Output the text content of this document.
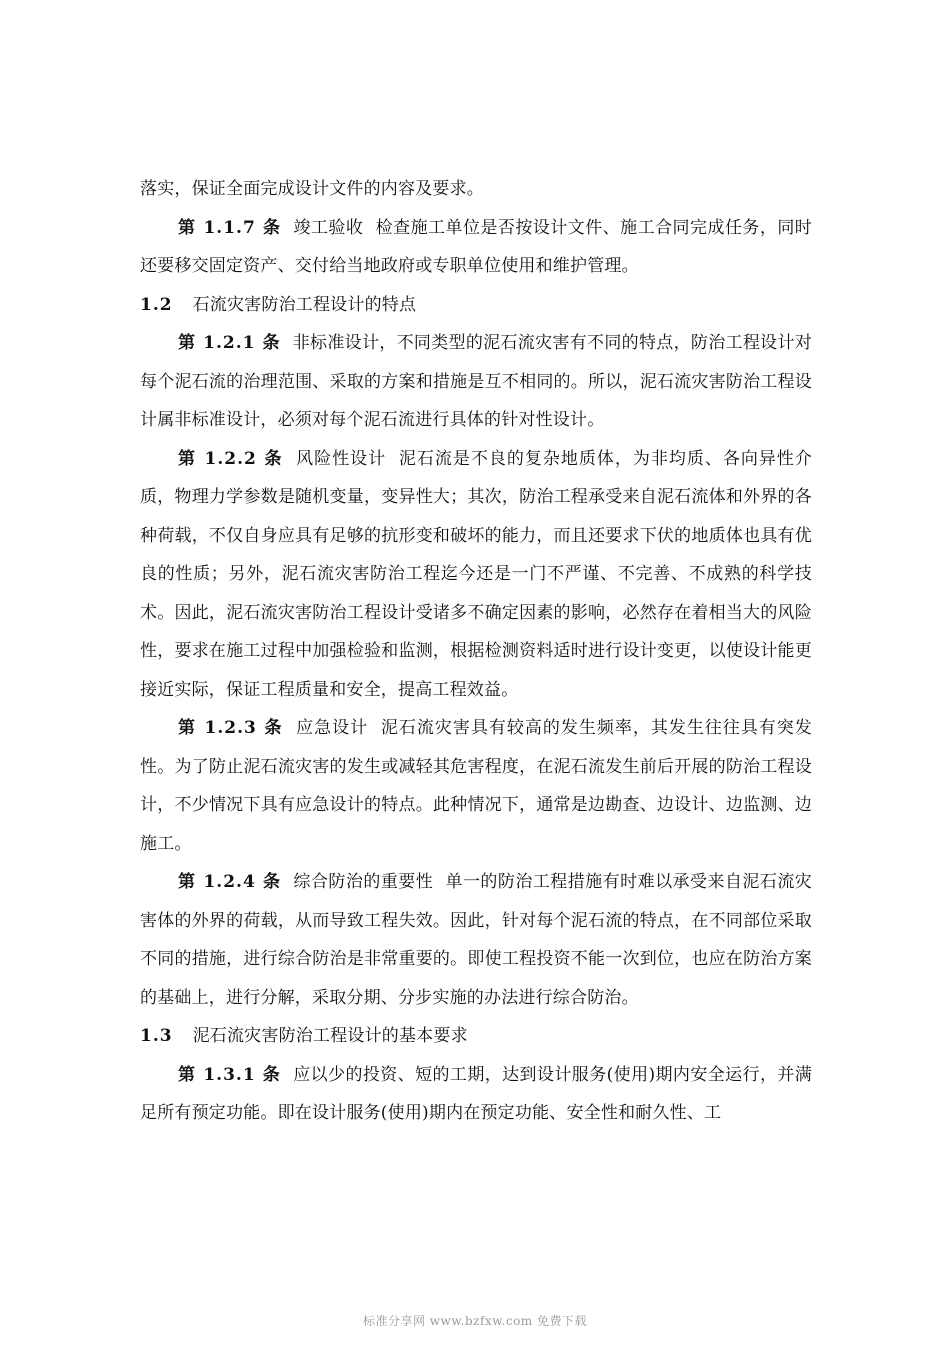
落实，保证全面完成设计文件的内容及要求。

第 1.1.7 条 竣工验收 检查施工单位是否按设计文件、施工合同完成任务，同时还要移交固定资产、交付给当地政府或专职单位使用和维护管理。

1.2 石流灾害防治工程设计的特点

第 1.2.1 条 非标准设计，不同类型的泥石流灾害有不同的特点，防治工程设计对每个泥石流的治理范围、采取的方案和措施是互不相同的。所以，泥石流灾害防治工程设计属非标准设计，必须对每个泥石流进行具体的针对性设计。

第 1.2.2 条 风险性设计 泥石流是不良的复杂地质体，为非均质、各向异性介质，物理力学参数是随机变量，变异性大；其次，防治工程承受来自泥石流体和外界的各种荷载，不仅自身应具有足够的抗形变和破坏的能力，而且还要求下伏的地质体也具有优良的性质；另外，泥石流灾害防治工程迄今还是一门不严谨、不完善、不成熟的科学技术。因此，泥石流灾害防治工程设计受诸多不确定因素的影响，必然存在着相当大的风险性，要求在施工过程中加强检验和监测，根据检测资料适时进行设计变更，以使设计能更接近实际，保证工程质量和安全，提高工程效益。

第 1.2.3 条 应急设计 泥石流灾害具有较高的发生频率，其发生往往具有突发性。为了防止泥石流灾害的发生或减轻其危害程度，在泥石流发生前后开展的防治工程设计，不少情况下具有应急设计的特点。此种情况下，通常是边勘查、边设计、边监测、边施工。

第 1.2.4 条 综合防治的重要性 单一的防治工程措施有时难以承受来自泥石流灾害体的外界的荷载，从而导致工程失效。因此，针对每个泥石流的特点，在不同部位采取不同的措施，进行综合防治是非常重要的。即使工程投资不能一次到位，也应在防治方案的基础上，进行分解，采取分期、分步实施的办法进行综合防治。

1.3 泥石流灾害防治工程设计的基本要求

第 1.3.1 条 应以少的投资、短的工期，达到设计服务(使用)期内安全运行，并满足所有预定功能。即在设计服务(使用)期内在预定功能、安全性和耐久性、工

标准分享网 www.bzfxw.com 免费下载
